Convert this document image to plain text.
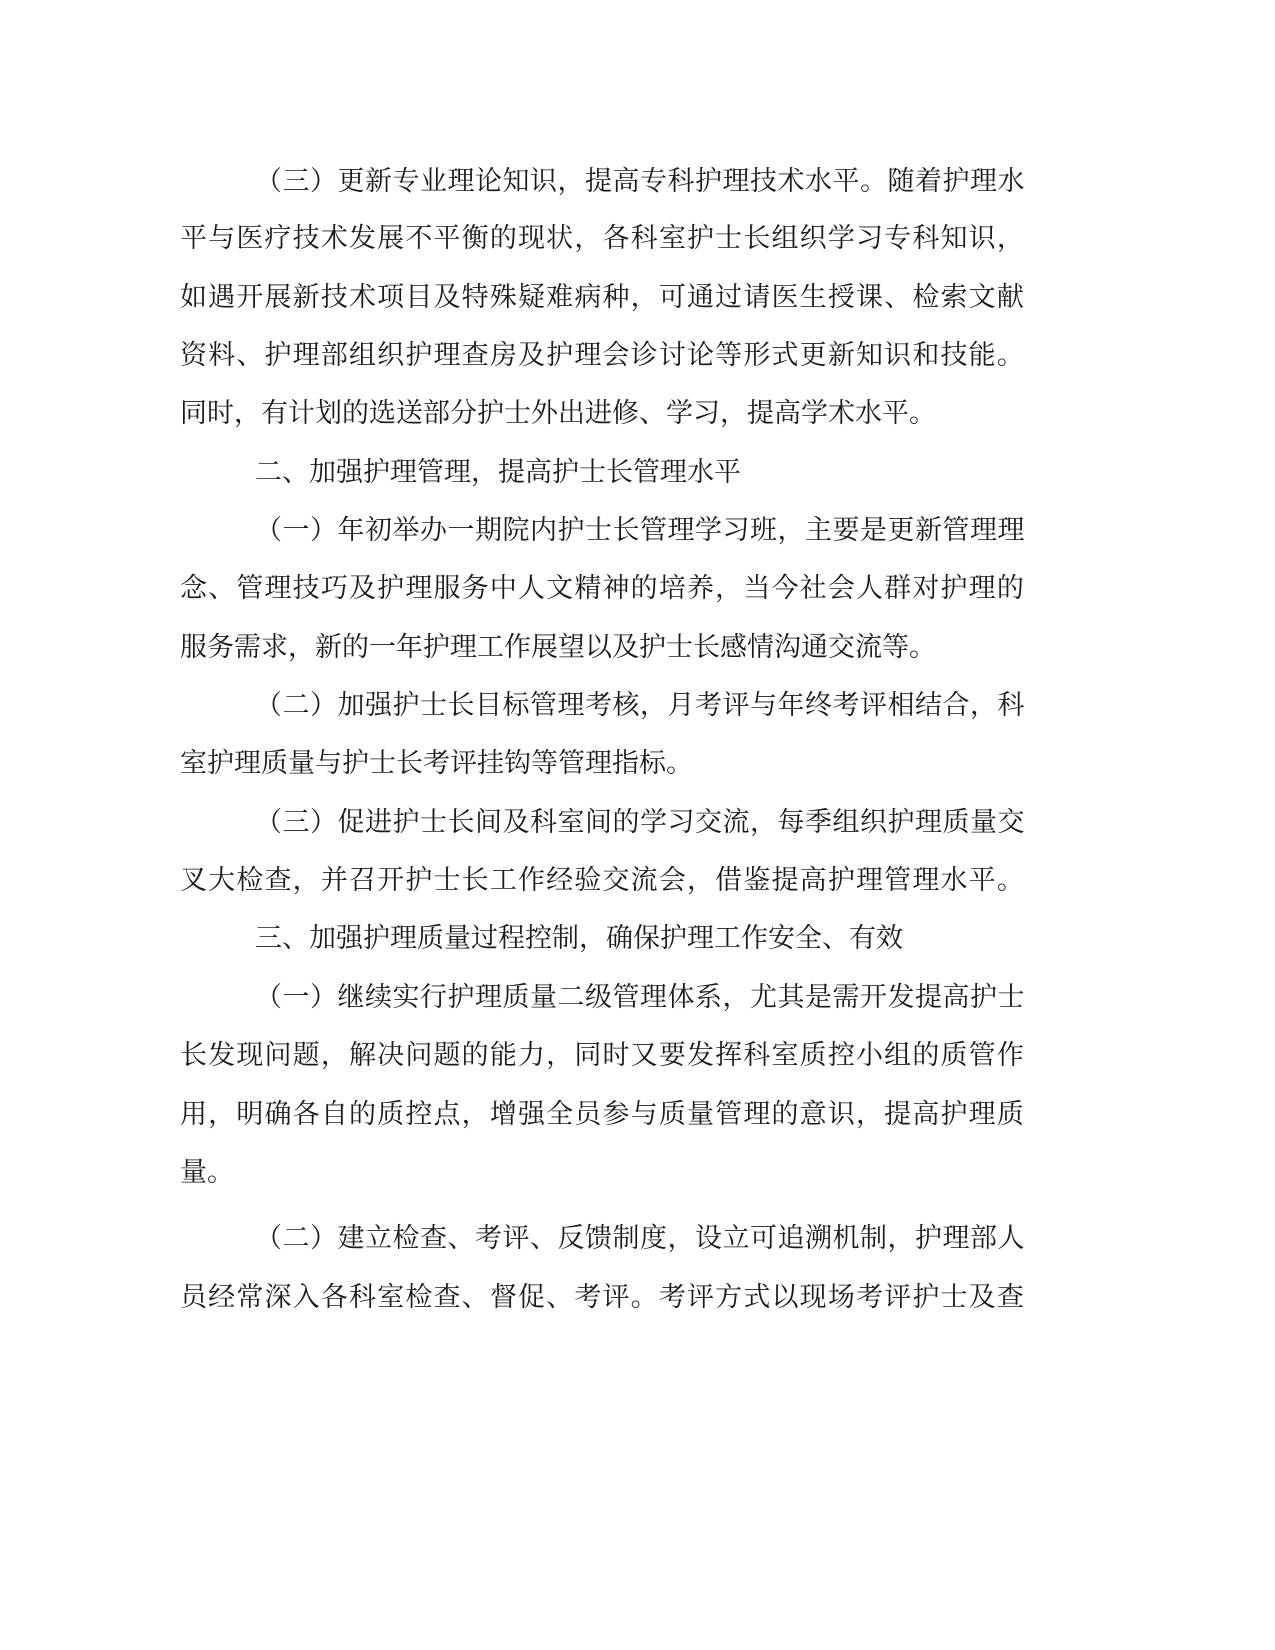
（三）更新专业理论知识，提高专科护理技术水平。随着护理水
平与医疗技术发展不平衡的现状，各科室护士长组织学习专科知识，
如遇开展新技术项目及特殊疑难病种，可通过请医生授课、检索文献
资料、护理部组织护理查房及护理会诊讨论等形式更新知识和技能。
同时，有计划的选送部分护士外出进修、学习，提高学术水平。
二、加强护理管理，提高护士长管理水平
（一）年初举办一期院内护士长管理学习班，主要是更新管理理
念、管理技巧及护理服务中人文精神的培养，当今社会人群对护理的
服务需求，新的一年护理工作展望以及护士长感情沟通交流等。
（二）加强护士长目标管理考核，月考评与年终考评相结合，科
室护理质量与护士长考评挂钩等管理指标。
（三）促进护士长间及科室间的学习交流，每季组织护理质量交
叉大检查，并召开护士长工作经验交流会，借鉴提高护理管理水平。
三、加强护理质量过程控制，确保护理工作安全、有效
（一）继续实行护理质量二级管理体系，尤其是需开发提高护士
长发现问题，解决问题的能力，同时又要发挥科室质控小组的质管作
用，明确各自的质控点，增强全员参与质量管理的意识，提高护理质
量。
（二）建立检查、考评、反馈制度，设立可追溯机制，护理部人
员经常深入各科室检查、督促、考评。考评方式以现场考评护士及查
